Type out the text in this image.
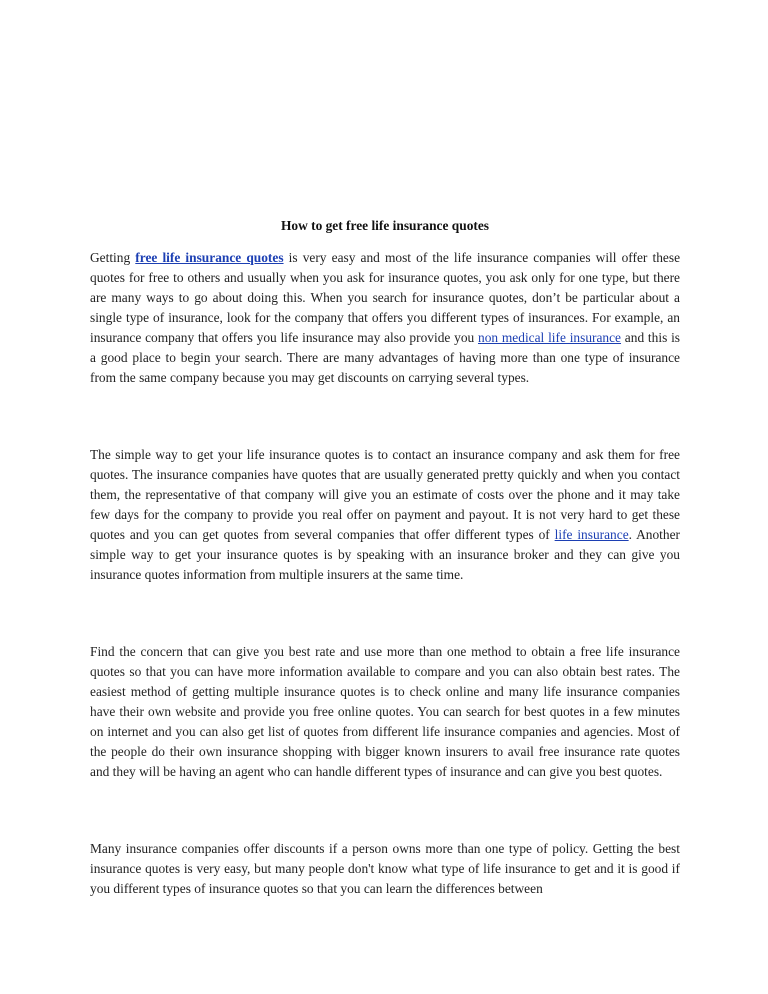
How to get free life insurance quotes

Getting free life insurance quotes is very easy and most of the life insurance companies will offer these quotes for free to others and usually when you ask for insurance quotes, you ask only for one type, but there are many ways to go about doing this. When you search for insurance quotes, don’t be particular about a single type of insurance, look for the company that offers you different types of insurances. For example, an insurance company that offers you life insurance may also provide you non medical life insurance and this is a good place to begin your search. There are many advantages of having more than one type of insurance from the same company because you may get discounts on carrying several types.

The simple way to get your life insurance quotes is to contact an insurance company and ask them for free quotes. The insurance companies have quotes that are usually generated pretty quickly and when you contact them, the representative of that company will give you an estimate of costs over the phone and it may take few days for the company to provide you real offer on payment and payout. It is not very hard to get these quotes and you can get quotes from several companies that offer different types of life insurance. Another simple way to get your insurance quotes is by speaking with an insurance broker and they can give you insurance quotes information from multiple insurers at the same time.

Find the concern that can give you best rate and use more than one method to obtain a free life insurance quotes so that you can have more information available to compare and you can also obtain best rates. The easiest method of getting multiple insurance quotes is to check online and many life insurance companies have their own website and provide you free online quotes. You can search for best quotes in a few minutes on internet and you can also get list of quotes from different life insurance companies and agencies. Most of the people do their own insurance shopping with bigger known insurers to avail free insurance rate quotes and they will be having an agent who can handle different types of insurance and can give you best quotes.

Many insurance companies offer discounts if a person owns more than one type of policy. Getting the best insurance quotes is very easy, but many people don't know what type of life insurance to get and it is good if you different types of insurance quotes so that you can learn the differences between
